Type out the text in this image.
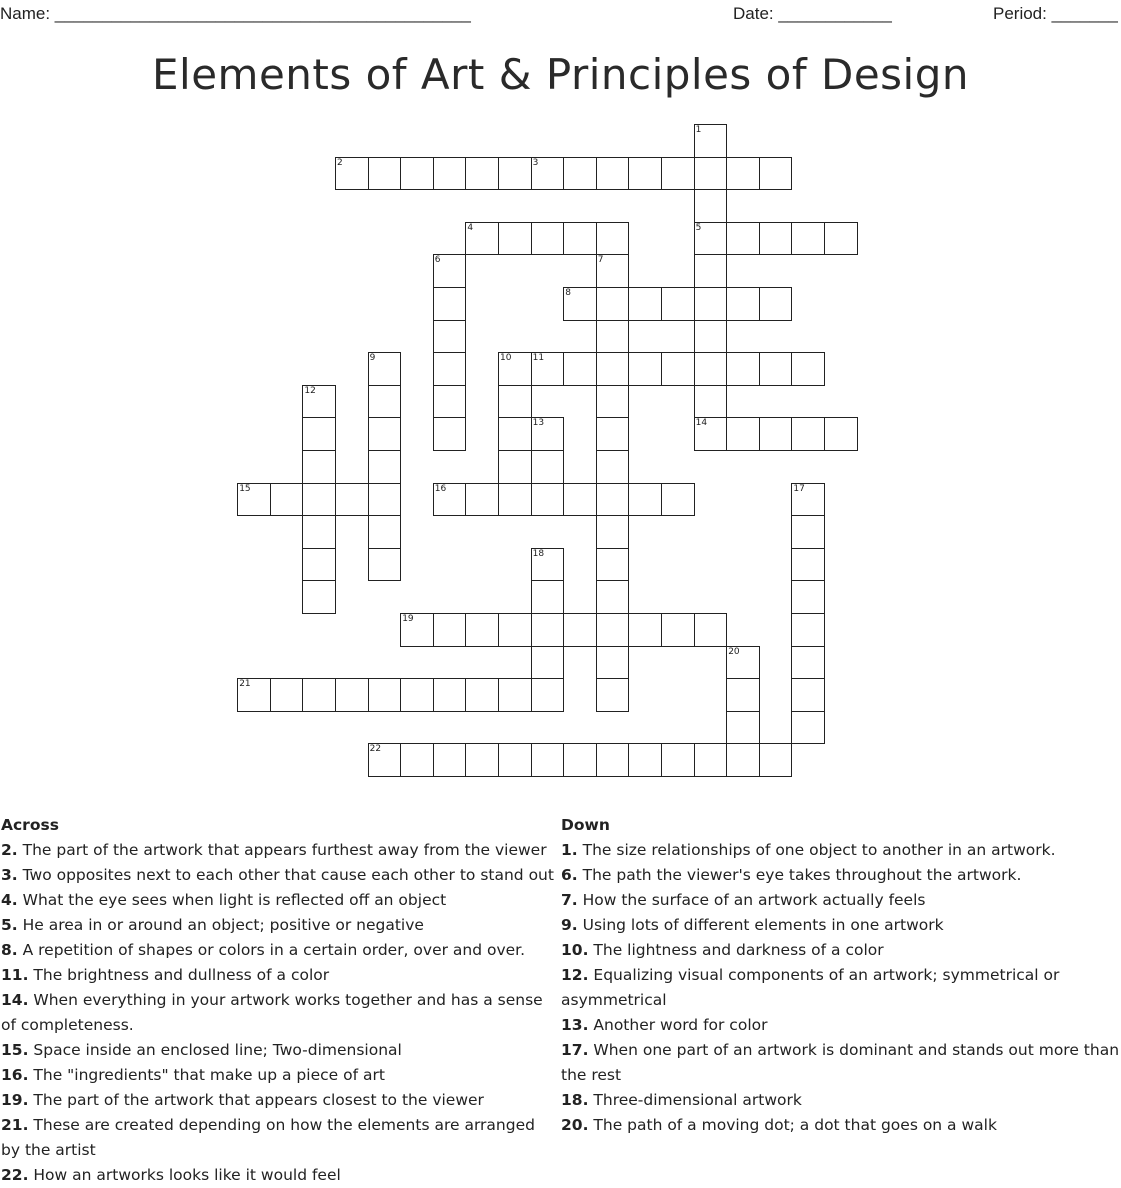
Name: ____________________________________________	Date: ____________	Period: _______
Elements of Art & Principles of Design
1
5
2	3
4
6	7
8
9	10 11
12
13	14
15	16	17
18
19
20
21
22
Across
2. The part of the artwork that appears furthest away from the viewer
3. Two opposites next to each other that cause each other to stand out
4. What the eye sees when light is reflected off an object
5. He area in or around an object; positive or negative
8. A repetition of shapes or colors in a certain order, over and over.
11. The brightness and dullness of a color
14. When everything in your artwork works together and has a sense of completeness.
15. Space inside an enclosed line; Two-dimensional
16. The "ingredients" that make up a piece of art
19. The part of the artwork that appears closest to the viewer
21. These are created depending on how the elements are arranged by the artist
22. How an artworks looks like it would feel
Down
1. The size relationships of one object to another in an artwork.
6. The path the viewer's eye takes throughout the artwork.
7. How the surface of an artwork actually feels
9. Using lots of different elements in one artwork
10. The lightness and darkness of a color
12. Equalizing visual components of an artwork; symmetrical or asymmetrical
13. Another word for color
17. When one part of an artwork is dominant and stands out more than the rest
18. Three-dimensional artwork
20. The path of a moving dot; a dot that goes on a walk
